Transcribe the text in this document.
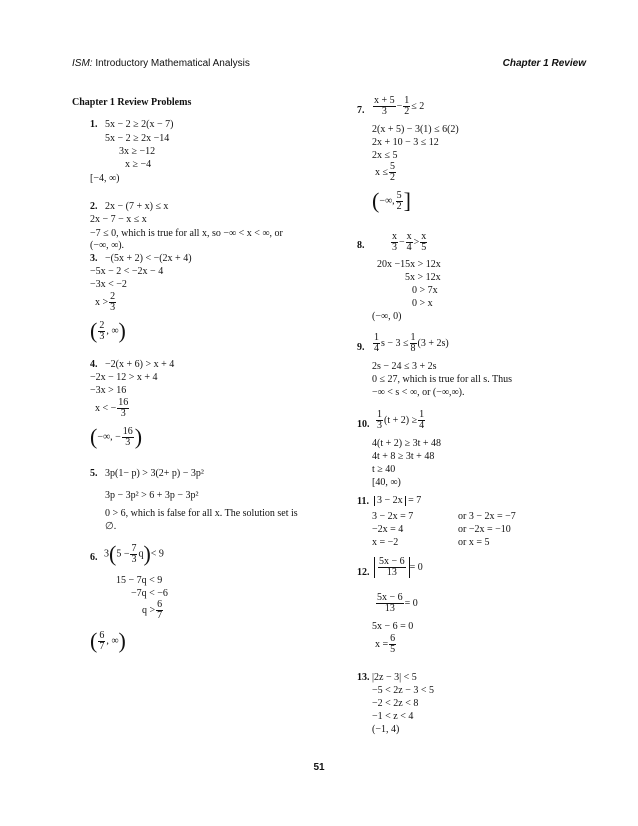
ISM: Introductory Mathematical Analysis	Chapter 1 Review
Chapter 1 Review Problems
1. 5x − 2 ≥ 2(x − 7)
5x − 2 ≥ 2x −14
3x ≥ −12
x ≥ −4
[−4, ∞)
2. 2x − (7 + x) ≤ x
2x − 7 − x ≤ x
−7 ≤ 0, which is true for all x, so −∞ < x < ∞, or
(−∞, ∞).
3. −(5x + 2) < −(2x + 4)
−5x − 2 < −2x − 4
−3x < −2
$x > \frac{2}{3}$
( $\frac{2}{3}$ , ∞)
4. −2(x + 6) > x + 4
−2x − 12 > x + 4
−3x > 16
x < − $\frac{16}{3}$
(−∞, − $\frac{16}{3}$ )
5. 3p(1− p) > 3(2+ p) − 3p²
3p − 3p² > 6 + 3p − 3p²
0 > 6, which is false for all x. The solution set is
∅.
6. $3(5 - \frac{7}{3} q)< 9$
15 − 7q < 9
−7q < −6
$q > \frac{6}{7}$
( $\frac{6}{7}$ , ∞)
7. $\frac{x + 5}{3} - \frac{1}{2} \le 2$
2(x + 5) − 3(1) ≤ 6(2)
2x + 10 − 3 ≤ 12
2x ≤ 5
$x \le \frac{5}{2}$
(−∞, $\frac{5}{2}$ ]
8.	$\frac{x}{3} - \frac{x}{4} > \frac{x}{5}$
20x −15x > 12x
5x > 12x
0 > 7x
0 > x
(−∞, 0)
9. $\frac{1}{4}$ $s - 3 \le \frac{1}{8} (3 + 2s)$
2s − 24 ≤ 3 + 2s
0 ≤ 27, which is true for all s. Thus
−∞ < s < ∞, or (−∞,∞).
10. $\frac{1}{3} (t + 2) \ge \frac{1}{4}$
4(t + 2) ≥ 3t + 48
4t + 8 ≥ 3t + 48
t ≥ 40
[40, ∞)
11. 3 − 2x = 7
3 − 2x = 7	or 3 − 2x = −7
−2x = 4	or −2x = −10
x = −2	or x = 5
12. $\frac{5x - 6}{13} = 0$
$\frac{5x - 6}{13} = 0$
5x − 6 = 0
$x = \frac{6}{5}$
13. |2z − 3| < 5
−5 < 2z − 3 < 5
−2 < 2z < 8
−1 < z < 4
(−1, 4)
51
